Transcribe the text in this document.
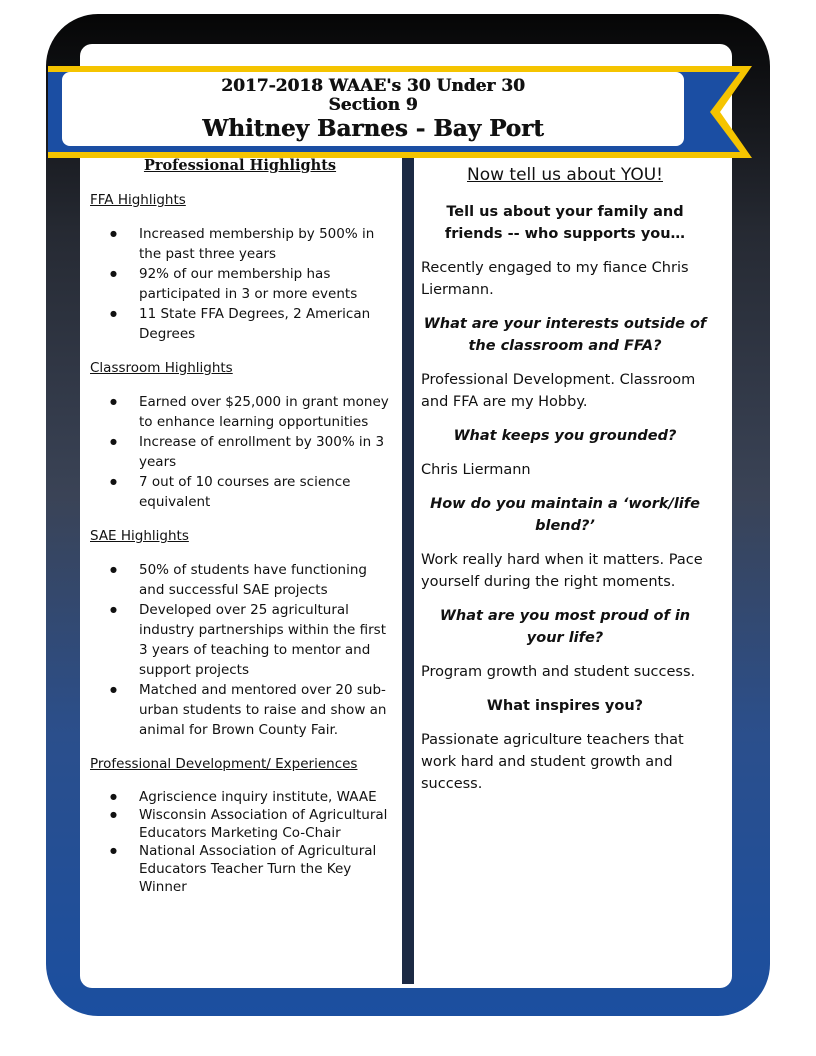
2017-2018 WAAE's 30 Under 30
Section 9
Whitney Barnes - Bay Port
Professional Highlights
FFA Highlights
● Increased membership by 500% in the past three years
● 92% of our membership has participated in 3 or more events
● 11 State FFA Degrees, 2 American Degrees
Classroom Highlights
● Earned over $25,000 in grant money to enhance learning opportunities
● Increase of enrollment by 300% in 3 years
● 7 out of 10 courses are science equivalent
SAE Highlights
● 50% of students have functioning and successful SAE projects
● Developed over 25 agricultural industry partnerships within the first 3 years of teaching to mentor and support projects
● Matched and mentored over 20 sub-urban students to raise and show an animal for Brown County Fair.
Professional Development/ Experiences
● Agriscience inquiry institute, WAAE
● Wisconsin Association of Agricultural Educators Marketing Co-Chair
● National Association of Agricultural Educators Teacher Turn the Key Winner
Now tell us about YOU!
Tell us about your family and friends -- who supports you…
Recently engaged to my fiance Chris Liermann.
What are your interests outside of the classroom and FFA?
Professional Development. Classroom and FFA are my Hobby.
What keeps you grounded?
Chris Liermann
How do you maintain a ‘work/life blend?’
Work really hard when it matters. Pace yourself during the right moments.
What are you most proud of in your life?
Program growth and student success.
What inspires you?
Passionate agriculture teachers that work hard and student growth and success.
